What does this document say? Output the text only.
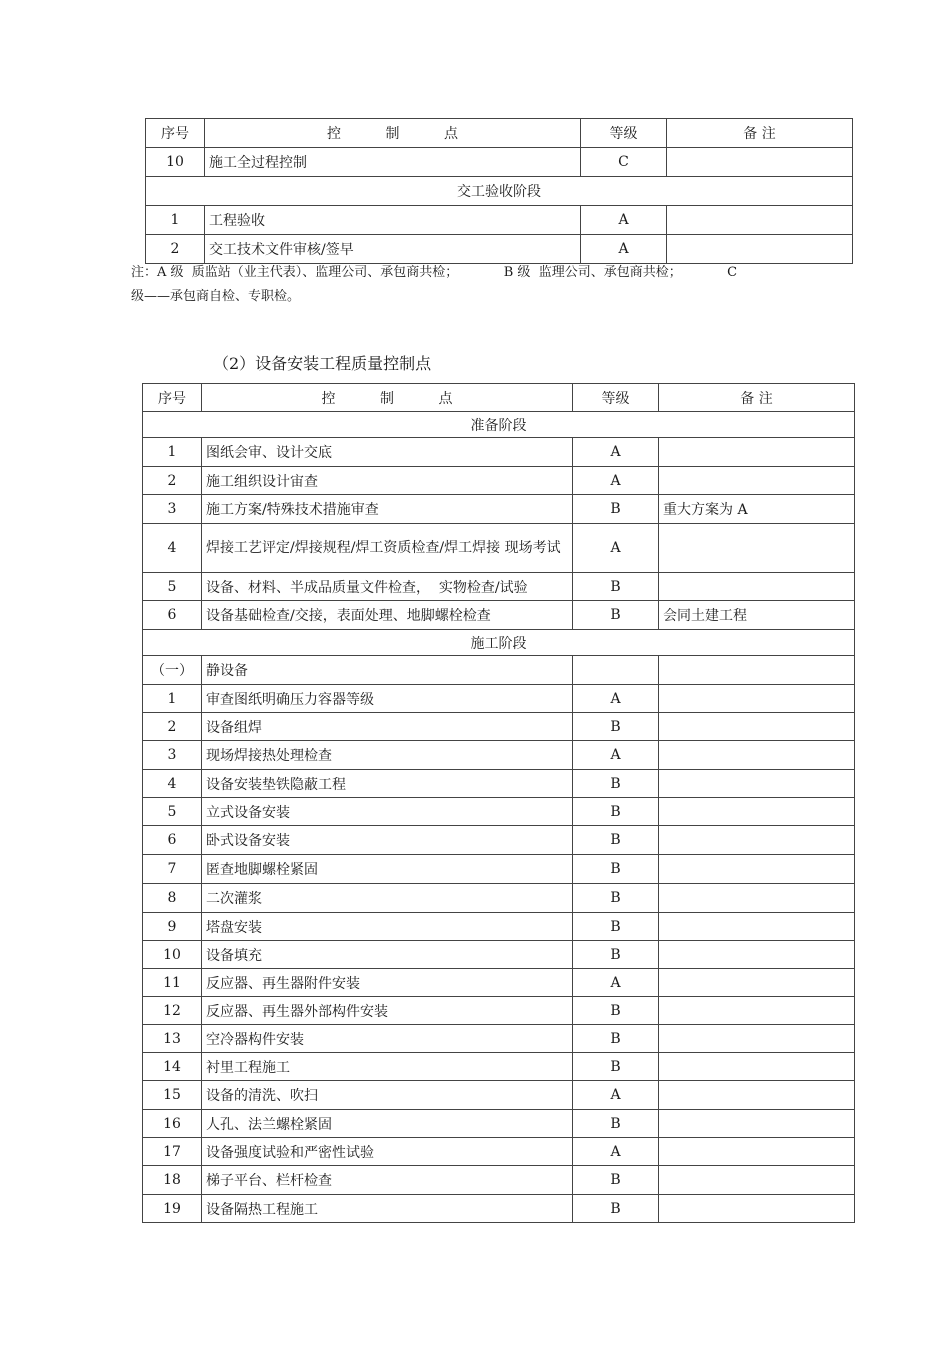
序号	控          制          点	等级	备 注
10	施工全过程控制	C	
交工验收阶段			
1	工程验收	A	
2	交工技术文件审核/签早	A	
注：A 级  质监站（业主代表）、监理公司、承包商共检；           B 级  监理公司、承包商共检；           C
级——承包商自检、专职检。
（2）设备安装工程质量控制点
序号	控          制          点	等级	备 注
准备阶段			
1	图纸会审、设计交底	A	
2	施工组织设计宙查	A	
3	施工方案/特殊技术措施审查	B	重大方案为 A
4	焊接工艺评定/焊接规程/焊工资质检查/焊工焊接 现场考试	A	
5	设备、材料、半成品质量文件检查，  实物检查/试验	B	
6	设备基础检查/交接，表面处理、地脚螺栓检查	B	会同土建工程
施工阶段			
（一）	静设备		
1	审查图纸明确压力容器等级	A	
2	设备组焊	B	
3	现场焊接热处理检查	A	
4	设备安装垫铁隐蔽工程	B	
5	立式设备安装	B	
6	卧式设备安装	B	
7	匿查地脚螺栓紧固	B	
8	二次灌浆	B	
9	塔盘安装	B	
10	设备填充	B	
11	反应器、再生器附件安装	A	
12	反应器、再生器外部构件安装	B	
13	空冷器构件安装	B	
14	衬里工程施工	B	
15	设备的清洗、吹扫	A	
16	人孔、法兰螺栓紧固	B	
17	设备强度试验和严密性试验	A	
18	梯子平台、栏杆检查	B	
19	设备隔热工程施工	B	
